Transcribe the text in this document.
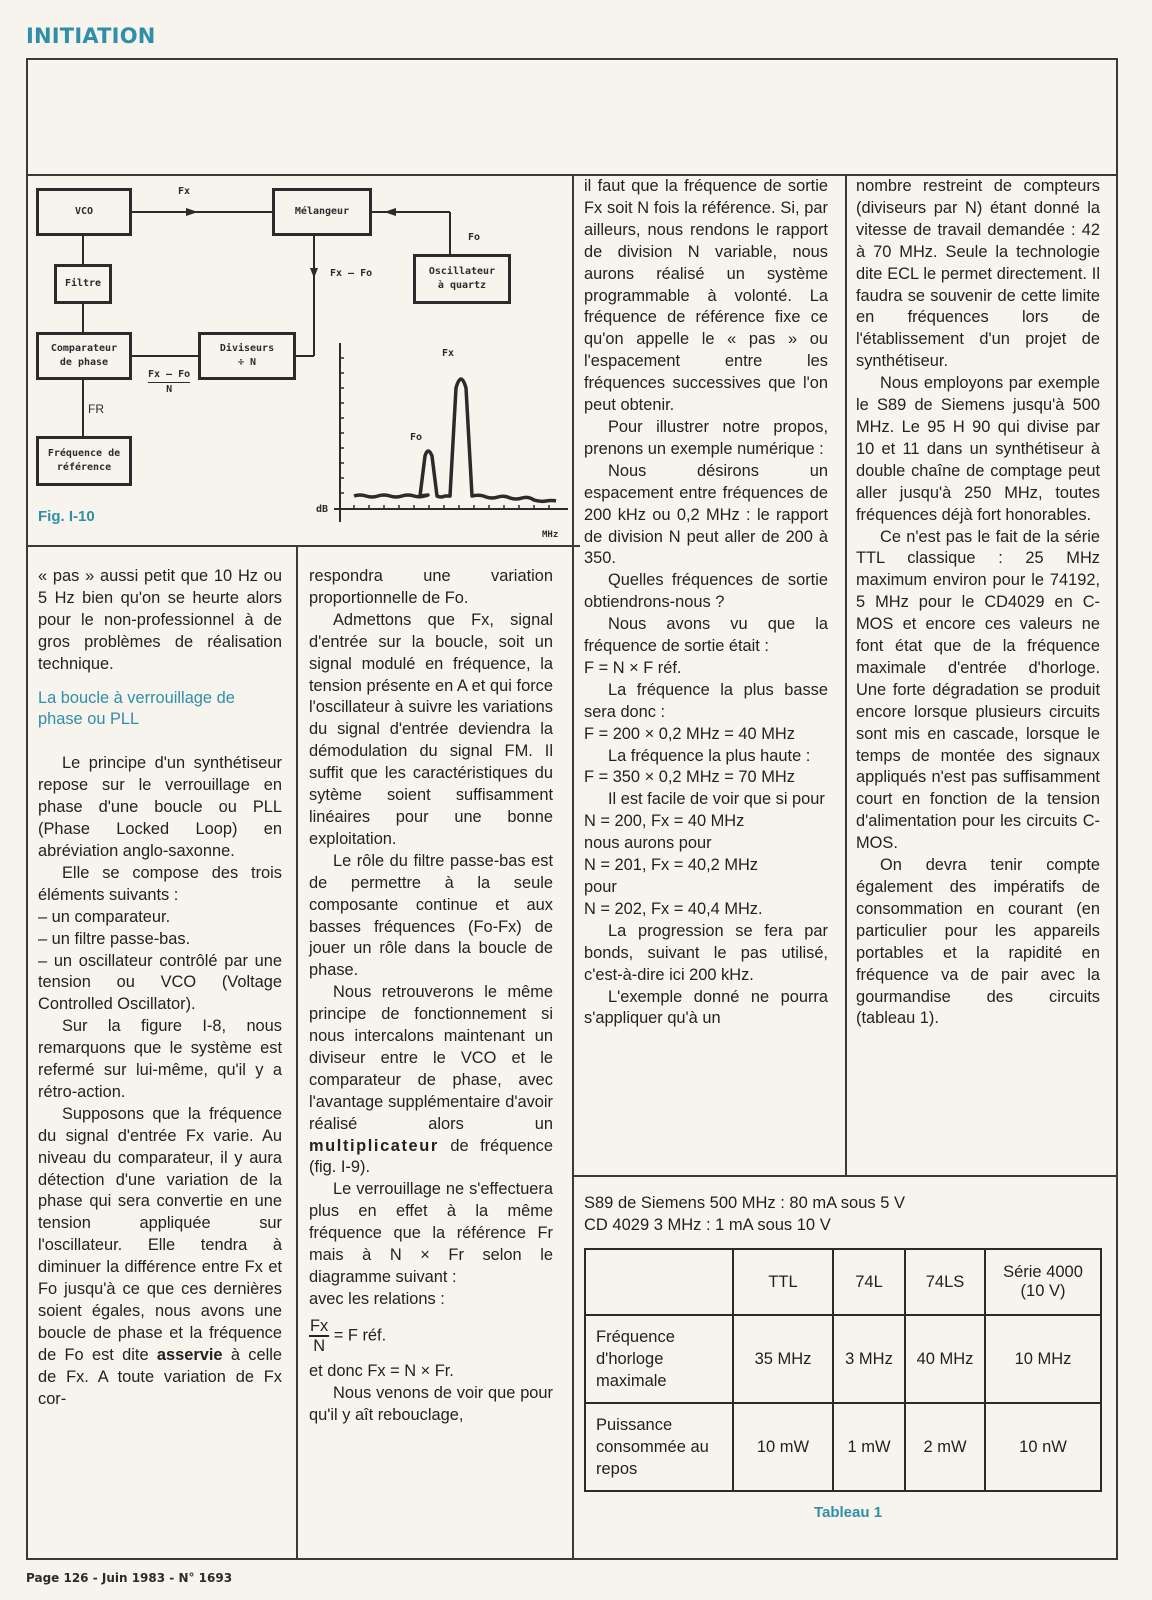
INITIATION
VCO
Filtre
Comparateur
de phase
Diviseurs
÷ N
Fréquence de
référence
Mélangeur
Oscillateur
à quartz
Fx
Fo
Fx – Fo
Fx – Fo
N
FR
Fo
Fx
dB
MHz
Fig. I-10

« pas » aussi petit que 10 Hz ou 5 Hz bien qu'on se heurte alors pour le non-professionnel à de gros problèmes de réalisation technique.

La boucle à verrouillage de phase ou PLL

Le principe d'un synthétiseur repose sur le verrouillage en phase d'une boucle ou PLL (Phase Locked Loop) en abréviation anglo-saxonne.

Elle se compose des trois éléments suivants :

– un comparateur.

– un filtre passe-bas.

– un oscillateur contrôlé par une tension ou VCO (Voltage Controlled Oscillator).

Sur la figure I-8, nous remarquons que le système est refermé sur lui-même, qu'il y a rétro-action.

Supposons que la fréquence du signal d'entrée Fx varie. Au niveau du comparateur, il y aura détection d'une variation de la phase qui sera convertie en une tension appliquée sur l'oscillateur. Elle tendra à diminuer la différence entre Fx et Fo jusqu'à ce que ces dernières soient égales, nous avons une boucle de phase et la fréquence de Fo est dite asservie à celle de Fx. A toute variation de Fx cor-

respondra une variation proportionnelle de Fo.

Admettons que Fx, signal d'entrée sur la boucle, soit un signal modulé en fréquence, la tension présente en A et qui force l'oscillateur à suivre les variations du signal d'entrée deviendra la démodulation du signal FM. Il suffit que les caractéristiques du sytème soient suffisamment linéaires pour une bonne exploitation.

Le rôle du filtre passe-bas est de permettre à la seule composante continue et aux basses fréquences (Fo-Fx) de jouer un rôle dans la boucle de phase.

Nous retrouverons le même principe de fonctionnement si nous intercalons maintenant un diviseur entre le VCO et le comparateur de phase, avec l'avantage supplémentaire d'avoir réalisé alors un multiplicateur de fréquence (fig. I-9).

Le verrouillage ne s'effectuera plus en effet à la même fréquence que la référence Fr mais à N × Fr selon le diagramme suivant :

avec les relations :

$\frac{Fx}{N} = F$ réf.

et donc Fx = N × Fr.

Nous venons de voir que pour qu'il y aît rebouclage,

il faut que la fréquence de sortie Fx soit N fois la référence. Si, par ailleurs, nous rendons le rapport de division N variable, nous aurons réalisé un système programmable à volonté. La fréquence de référence fixe ce qu'on appelle le « pas » ou l'espacement entre les fréquences successives que l'on peut obtenir.

Pour illustrer notre propos, prenons un exemple numérique :

Nous désirons un espacement entre fréquences de 200 kHz ou 0,2 MHz : le rapport de division N peut aller de 200 à 350.

Quelles fréquences de sortie obtiendrons-nous ?

Nous avons vu que la fréquence de sortie était :

F = N × F réf.

La fréquence la plus basse sera donc :

F = 200 × 0,2 MHz = 40 MHz

La fréquence la plus haute :

F = 350 × 0,2 MHz = 70 MHz

Il est facile de voir que si pour

N = 200, Fx = 40 MHz

nous aurons pour

N = 201, Fx = 40,2 MHz

pour

N = 202, Fx = 40,4 MHz.

La progression se fera par bonds, suivant le pas utilisé, c'est-à-dire ici 200 kHz.

L'exemple donné ne pourra s'appliquer qu'à un

nombre restreint de compteurs (diviseurs par N) étant donné la vitesse de travail demandée : 42 à 70 MHz. Seule la technologie dite ECL le permet directement. Il faudra se souvenir de cette limite en fréquences lors de l'établissement d'un projet de synthétiseur.

Nous employons par exemple le S89 de Siemens jusqu'à 500 MHz. Le 95 H 90 qui divise par 10 et 11 dans un synthétiseur à double chaîne de comptage peut aller jusqu'à 250 MHz, toutes fréquences déjà fort honorables.

Ce n'est pas le fait de la série TTL classique : 25 MHz maximum environ pour le 74192, 5 MHz pour le CD4029 en C-MOS et encore ces valeurs ne font état que de la fréquence maximale d'entrée d'horloge. Une forte dégradation se produit encore lorsque plusieurs circuits sont mis en cascade, lorsque le temps de montée des signaux appliqués n'est pas suffisamment court en fonction de la tension d'alimentation pour les circuits C-MOS.

On devra tenir compte également des impératifs de consommation en courant (en particulier pour les appareils portables et la rapidité en fréquence va de pair avec la gourmandise des circuits (tableau 1).

S89 de Siemens 500 MHz : 80 mA sous 5 V
CD 4029 3 MHz : 1 mA sous 10 V
	TTL	74L	74LS	Série 4000 (10 V)
Fréquence d'horloge maximale	35 MHz	3 MHz	40 MHz	10 MHz
Puissance consommée au repos	10 mW	1 mW	2 mW	10 nW
Tableau 1
Page 126 - Juin 1983 - N° 1693
